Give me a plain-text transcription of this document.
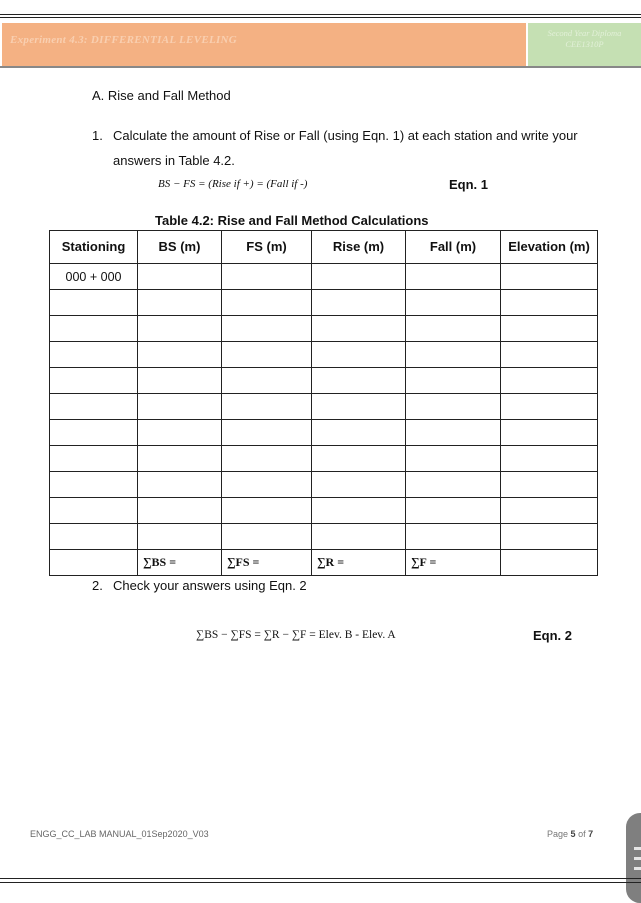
Experiment 4.3: DIFFERENTIAL LEVELING
Second Year Diploma
CEE1310P
A. Rise and Fall Method
1. Calculate the amount of Rise or Fall (using Eqn. 1) at each station and write your
answers in Table 4.2.
BS − FS = (Rise if +) = (Fall if -)	Eqn. 1
Table 4.2: Rise and Fall Method Calculations
Stationing	BS (m)	FS (m)	Rise (m)	Fall (m)	Elevation (m)
000 + 000					

	∑BS =	∑FS =	∑R =	∑F =	
2. Check your answers using Eqn. 2
∑BS − ∑FS = ∑R − ∑F = Elev. B - Elev. A	Eqn. 2
ENGG_CC_LAB MANUAL_01Sep2020_V03	Page 5 of 7
